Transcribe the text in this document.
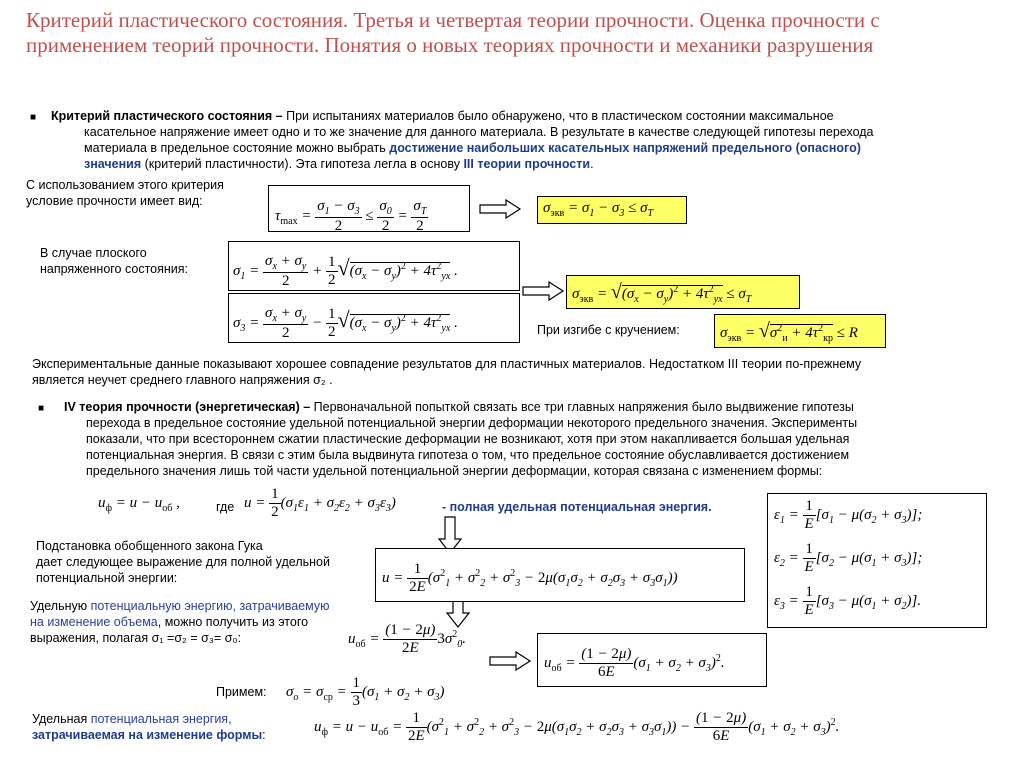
Критерий пластического состояния. Третья и четвертая теории прочности. Оценка прочности с применением теорий прочности. Понятия о новых теориях прочности и механики разрушения
■ Критерий пластического состояния – При испытаниях материалов было обнаружено, что в пластическом состоянии максимальное
касательное напряжение имеет одно и то же значение для данного материала. В результате в качестве следующей гипотезы перехода
материала в предельное состояние можно выбрать достижение наибольших касательных напряжений предельного (опасного)
значения (критерий пластичности). Эта гипотеза легла в основу III теории прочности.
С использованием этого критерия
условие прочности имеет вид:
$\tau_{max} = \frac{\sigma_1 - \sigma_3}{2} \le \frac{\sigma_0}{2} = \frac{\sigma_T}{2}$	$\sigma_{экв} = \sigma_1 - \sigma_3 \le \sigma_T$
В случае плоского
напряженного состояния:	$\sigma_1 = \frac{\sigma_x + \sigma_y}{2} + \frac{1}{2} √(\sigma_x - \sigma_y)^2 + 4\tau^2_{yx}$ .
$\sigma_3 = \frac{\sigma_x + \sigma_y}{2} - \frac{1}{2} √(\sigma_x - \sigma_y)^2 + 4\tau^2_{yx}$ .
$\sigma_{экв} = √(\sigma_x - \sigma_y)^2 + 4\tau^2_{yx} \le \sigma_T$
При изгибе с кручением:	$\sigma_{экв} = √\sigma^2_и + 4\tau^2_{кр} \le R$
Экспериментальные данные показывают хорошее совпадение результатов для пластичных материалов. Недостатком III теории по-прежнему
является неучет среднего главного напряжения σ₂ .
■ IV теория прочности (энергетическая) – Первоначальной попыткой связать все три главных напряжения было выдвижение гипотезы
перехода в предельное состояние удельной потенциальной энергии деформации некоторого предельного значения. Эксперименты
показали, что при всестороннем сжатии пластические деформации не возникают, хотя при этом накапливается большая удельная
потенциальная энергия. В связи с этим была выдвинута гипотеза о том, что предельное состояние обуславливается достижением
предельного значения лишь той части удельной потенциальной энергии деформации, которая связана с изменением формы:
$u_ф = u - u_{об}$ ,	где $u = \frac{1}{2} (\sigma_1\varepsilon_1 + \sigma_2\varepsilon_2 + \sigma_3\varepsilon_3)$	- полная удельная потенциальная энергия.	$\varepsilon_1 = \frac{1}{E} [\sigma_1 - \mu(\sigma_2 + \sigma_3)]$;
$\varepsilon_2 = \frac{1}{E} [\sigma_2 - \mu(\sigma_1 + \sigma_3)]$;
$\varepsilon_3 = \frac{1}{E} [\sigma_3 - \mu(\sigma_1 + \sigma_2)]$.
Подстановка обобщенного закона Гука
дает следующее выражение для полной удельной
потенциальной энергии:	$u = \frac{1}{2E} (\sigma^2_1 + \sigma^2_2 + \sigma^2_3 - 2\mu(\sigma_1\sigma_2 + \sigma_2\sigma_3 + \sigma_3\sigma_1))$
Удельную потенциальную энергию, затрачиваемую
на изменение объема, можно получить из этого
выражения, полагая σ₁ =σ₂ = σ₃= σ₀:	$u_{об} = \frac{(1 - 2\mu)}{2E} 3\sigma^2_0$.
$u_{об} = \frac{(1 - 2\mu)}{6E} (\sigma_1 + \sigma_2 + \sigma_3)^2$.
Примем: $\sigma_o = \sigma_{ср} = \frac{1}{3} (\sigma_1 + \sigma_2 + \sigma_3)$
Удельная потенциальная энергия,
затрачиваемая на изменение формы:
$u_ф = u - u_{об} = \frac{1}{2E} (\sigma^2_1 + \sigma^2_2 + \sigma^2_3 - 2\mu(\sigma_1\sigma_2 + \sigma_2\sigma_3 + \sigma_3\sigma_1)) - \frac{(1 - 2\mu)}{6E} (\sigma_1 + \sigma_2 + \sigma_3)^2$.
